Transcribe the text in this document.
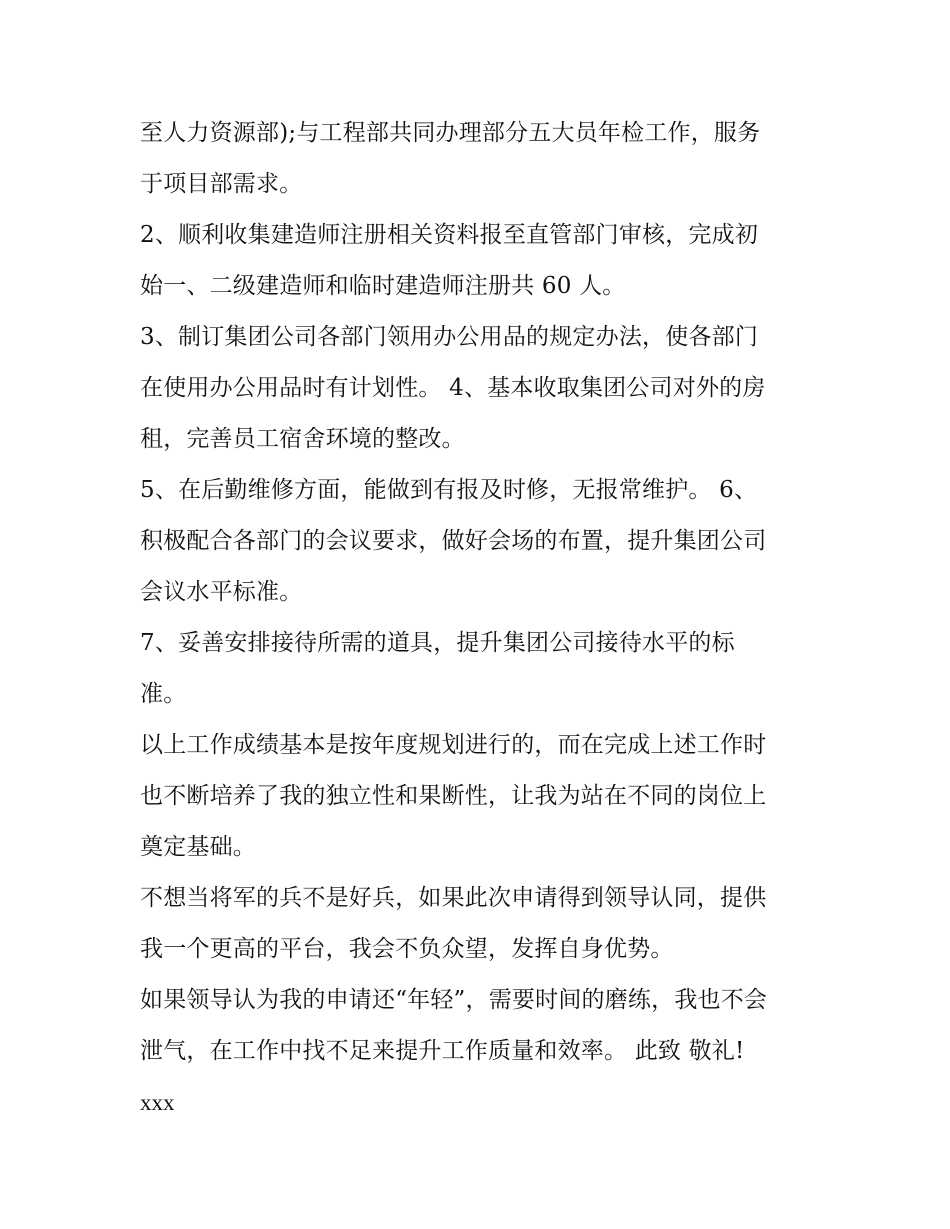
至人力资源部);与工程部共同办理部分五大员年检工作，服务
于项目部需求。
2、顺利收集建造师注册相关资料报至直管部门审核，完成初
始一、二级建造师和临时建造师注册共 60 人。
3、制订集团公司各部门领用办公用品的规定办法，使各部门
在使用办公用品时有计划性。 4、基本收取集团公司对外的房
租，完善员工宿舍环境的整改。
5、在后勤维修方面，能做到有报及时修，无报常维护。 6、
积极配合各部门的会议要求，做好会场的布置，提升集团公司
会议水平标准。
7、妥善安排接待所需的道具，提升集团公司接待水平的标
准。
以上工作成绩基本是按年度规划进行的，而在完成上述工作时
也不断培养了我的独立性和果断性，让我为站在不同的岗位上
奠定基础。
不想当将军的兵不是好兵，如果此次申请得到领导认同，提供
我一个更高的平台，我会不负众望，发挥自身优势。
如果领导认为我的申请还“年轻”，需要时间的磨练，我也不会
泄气，在工作中找不足来提升工作质量和效率。 此致 敬礼!
xxx
